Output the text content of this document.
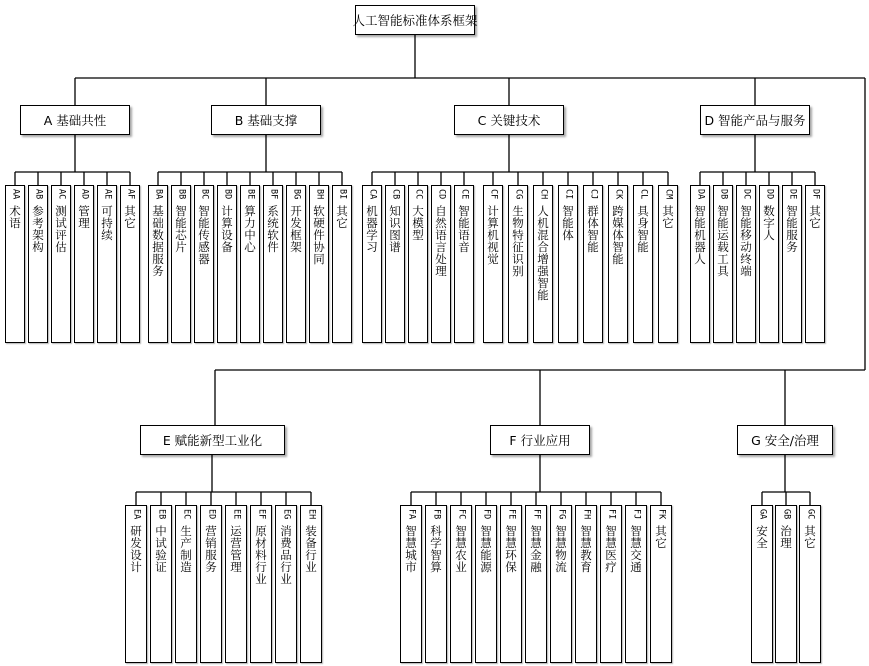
人工智能标准体系框架
A 基础共性	B 基础支撑	C 关键技术	D 智能产品与服务
E 赋能新型工业化	F 行业应用	G 安全/治理
AA
术语
AB
参考架构
AC
测试评估
AD
管理
AE
可持续
AF
其它
BA
基础数据服务
BB
智能芯片
BC
智能传感器
BD
计算设备
BE
算力中心
BF
系统软件
BG
开发框架
BH
软硬件协同
BI
其它
CA
机器学习
CB
知识图谱
CC
大模型
CD
自然语言处理
CE
智能语音
CF
计算机视觉
CG
生物特征识别
CH
人机混合增强智能
CI
智能体
CJ
群体智能
CK
跨媒体智能
CL
具身智能
CM
其它
DA
智能机器人
DB
智能运载工具
DC
智能移动终端
DD
数字人
DE
智能服务
DF
其它
EA
研发设计
EB
中试验证
EC
生产制造
ED
营销服务
EE
运营管理
EF
原材料行业
EG
消费品行业
EH
装备行业
FA
智慧城市
FB
科学智算
FC
智慧农业
FD
智慧能源
FE
智慧环保
FF
智慧金融
FG
智慧物流
FH
智慧教育
FI
智慧医疗
FJ
智慧交通
FK
其它
GA
安全
GB
治理
GC
其它
